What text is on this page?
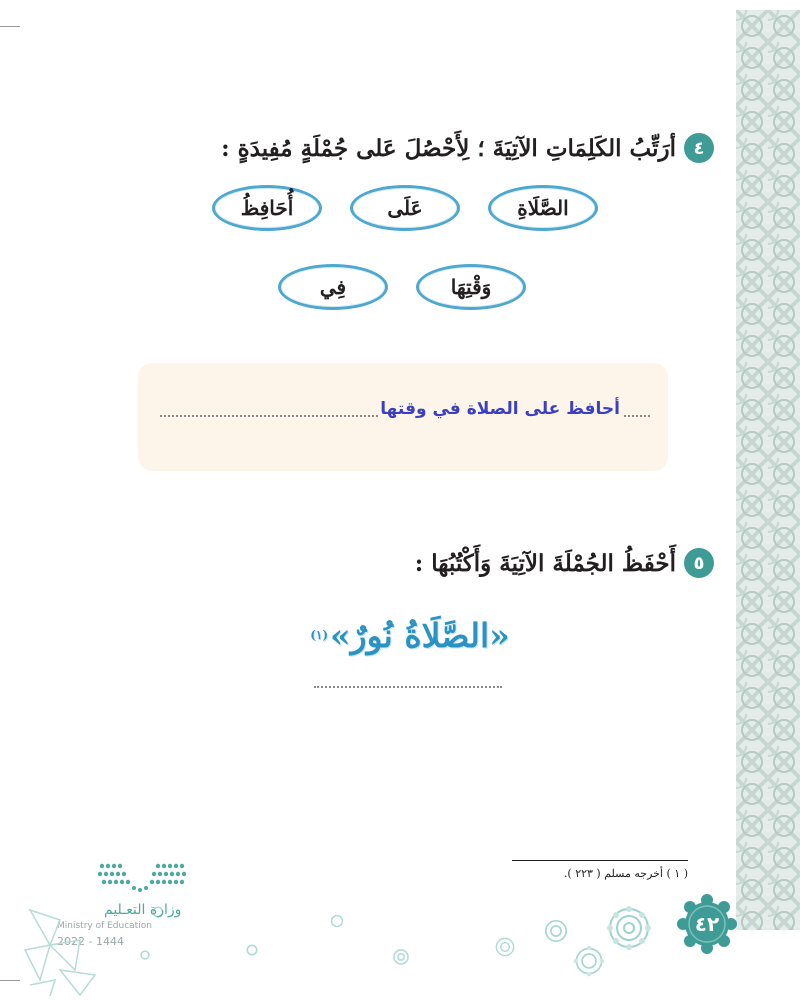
٤
أرَتِّبُ الكَلِمَاتِ الآتِيَةَ ؛ لِأَحْصُلَ عَلى جُمْلَةٍ مُفِيدَةٍ :
الصَّلَاةِ
عَلَى
أُحَافِظُ
وَقْتِهَا
فِي
أحافظ على الصلاة في وقتها
٥
أَحْفَظُ الجُمْلَةَ الآتِيَةَ وَأَكْتُبُهَا :
«الصَّلَاةُ نُورٌ»
(١)
( ١ ) أخرجه مسلم ( ٢٢٣ ).
٤٢
وزارة التعـليم
Ministry of Education
2022 - 1444
